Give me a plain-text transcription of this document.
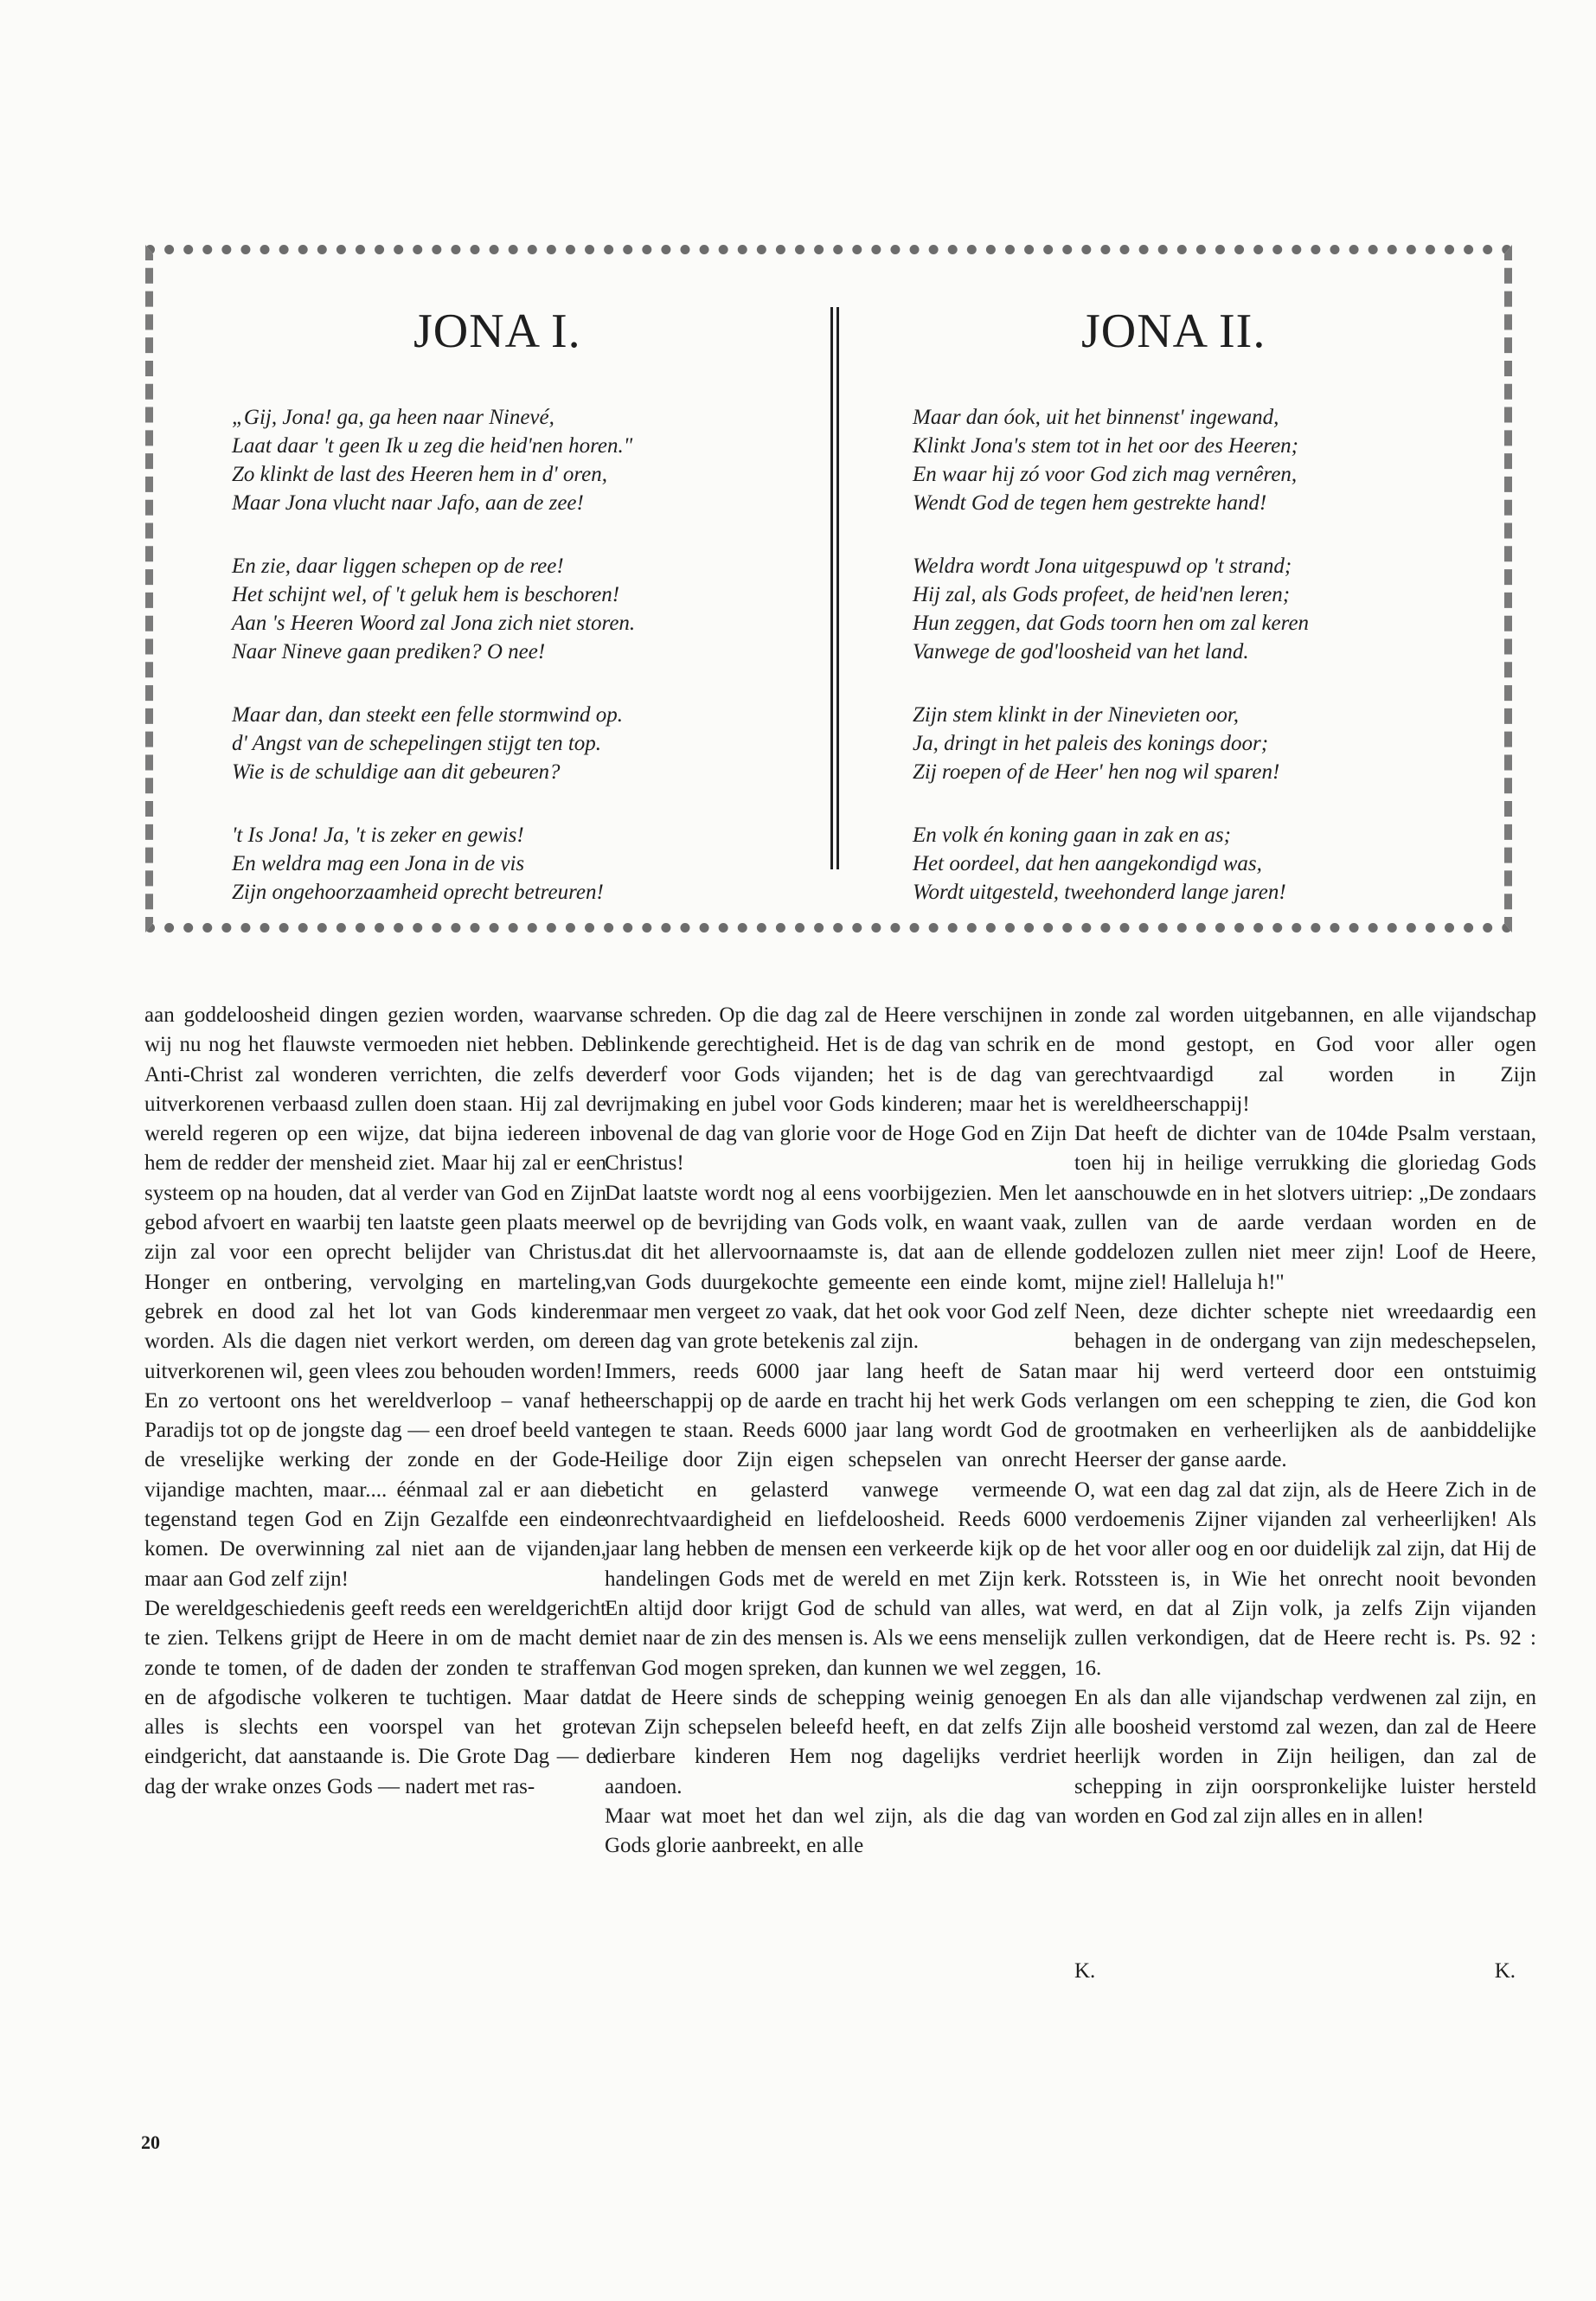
JONA I.
„Gij, Jona! ga, ga heen naar Ninevé,
Laat daar 't geen Ik u zeg die heid'nen horen."
Zo klinkt de last des Heeren hem in d' oren,
Maar Jona vlucht naar Jafo, aan de zee!
En zie, daar liggen schepen op de ree!
Het schijnt wel, of 't geluk hem is beschoren!
Aan 's Heeren Woord zal Jona zich niet storen.
Naar Nineve gaan prediken? O nee!
Maar dan, dan steekt een felle stormwind op.
d' Angst van de schepelingen stijgt ten top.
Wie is de schuldige aan dit gebeuren?
't Is Jona! Ja, 't is zeker en gewis!
En weldra mag een Jona in de vis
Zijn ongehoorzaamheid oprecht betreuren!
JONA II.
Maar dan óok, uit het binnenst' ingewand,
Klinkt Jona's stem tot in het oor des Heeren;
En waar hij zó voor God zich mag vernêren,
Wendt God de tegen hem gestrekte hand!
Weldra wordt Jona uitgespuwd op 't strand;
Hij zal, als Gods profeet, de heid'nen leren;
Hun zeggen, dat Gods toorn hen om zal keren
Vanwege de god'loosheid van het land.
Zijn stem klinkt in der Ninevieten oor,
Ja, dringt in het paleis des konings door;
Zij roepen of de Heer' hen nog wil sparen!
En volk én koning gaan in zak en as;
Het oordeel, dat hen aangekondigd was,
Wordt uitgesteld, tweehonderd lange jaren!

aan goddeloosheid dingen gezien worden, waarvan wij nu nog het flauwste vermoeden niet hebben. De Anti-Christ zal wonderen verrichten, die zelfs de uitverkorenen verbaasd zullen doen staan. Hij zal de wereld regeren op een wijze, dat bijna iedereen in hem de redder der mensheid ziet. Maar hij zal er een systeem op na houden, dat al verder van God en Zijn gebod afvoert en waarbij ten laatste geen plaats meer zijn zal voor een oprecht belijder van Christus. Honger en ontbering, vervolging en marteling, gebrek en dood zal het lot van Gods kinderen worden. Als die dagen niet verkort werden, om der uitverkorenen wil, geen vlees zou behouden worden!

En zo vertoont ons het wereldverloop – vanaf het Paradijs tot op de jongste dag — een droef beeld van de vreselijke werking der zonde en der Gode-vijandige machten, maar.... éénmaal zal er aan die tegenstand tegen God en Zijn Gezalfde een einde komen. De overwinning zal niet aan de vijanden, maar aan God zelf zijn!

De wereldgeschiedenis geeft reeds een wereldgericht te zien. Telkens grijpt de Heere in om de macht der zonde te tomen, of de daden der zonden te straffen en de afgodische volkeren te tuchtigen. Maar dat alles is slechts een voorspel van het grote eindgericht, dat aanstaande is. Die Grote Dag — de dag der wrake onzes Gods — nadert met ras-

se schreden. Op die dag zal de Heere verschijnen in blinkende gerechtigheid. Het is de dag van schrik en verderf voor Gods vijanden; het is de dag van vrijmaking en jubel voor Gods kinderen; maar het is bovenal de dag van glorie voor de Hoge God en Zijn Christus!

Dat laatste wordt nog al eens voorbijgezien. Men let wel op de bevrijding van Gods volk, en waant vaak, dat dit het allervoornaamste is, dat aan de ellende van Gods duurgekochte gemeente een einde komt, maar men vergeet zo vaak, dat het ook voor God zelf een dag van grote betekenis zal zijn.

Immers, reeds 6000 jaar lang heeft de Satan heerschappij op de aarde en tracht hij het werk Gods tegen te staan. Reeds 6000 jaar lang wordt God de Heilige door Zijn eigen schepselen van onrecht beticht en gelasterd vanwege vermeende onrechtvaardigheid en liefdeloosheid. Reeds 6000 jaar lang hebben de mensen een verkeerde kijk op de handelingen Gods met de wereld en met Zijn kerk. En altijd door krijgt God de schuld van alles, wat niet naar de zin des mensen is. Als we eens menselijk van God mogen spreken, dan kunnen we wel zeggen, dat de Heere sinds de schepping weinig genoegen van Zijn schepselen beleefd heeft, en dat zelfs Zijn dierbare kinderen Hem nog dagelijks verdriet aandoen.

Maar wat moet het dan wel zijn, als die dag van Gods glorie aanbreekt, en alle

zonde zal worden uitgebannen, en alle vijandschap de mond gestopt, en God voor aller ogen gerechtvaardigd zal worden in Zijn wereldheerschappij!

Dat heeft de dichter van de 104de Psalm verstaan, toen hij in heilige verrukking die gloriedag Gods aanschouwde en in het slotvers uitriep: „De zondaars zullen van de aarde verdaan worden en de goddelozen zullen niet meer zijn! Loof de Heere, mijne ziel! Halleluja h!"

Neen, deze dichter schepte niet wreedaardig een behagen in de ondergang van zijn medeschepselen, maar hij werd verteerd door een ontstuimig verlangen om een schepping te zien, die God kon grootmaken en verheerlijken als de aanbiddelijke Heerser der ganse aarde.

O, wat een dag zal dat zijn, als de Heere Zich in de verdoemenis Zijner vijanden zal verheerlijken! Als het voor aller oog en oor duidelijk zal zijn, dat Hij de Rotssteen is, in Wie het onrecht nooit bevonden werd, en dat al Zijn volk, ja zelfs Zijn vijanden zullen verkondigen, dat de Heere recht is. Ps. 92 : 16.

En als dan alle vijandschap verdwenen zal zijn, en alle boosheid verstomd zal wezen, dan zal de Heere heerlijk worden in Zijn heiligen, dan zal de schepping in zijn oorspronkelijke luister hersteld worden en God zal zijn alles en in allen!

K.	K.
20
